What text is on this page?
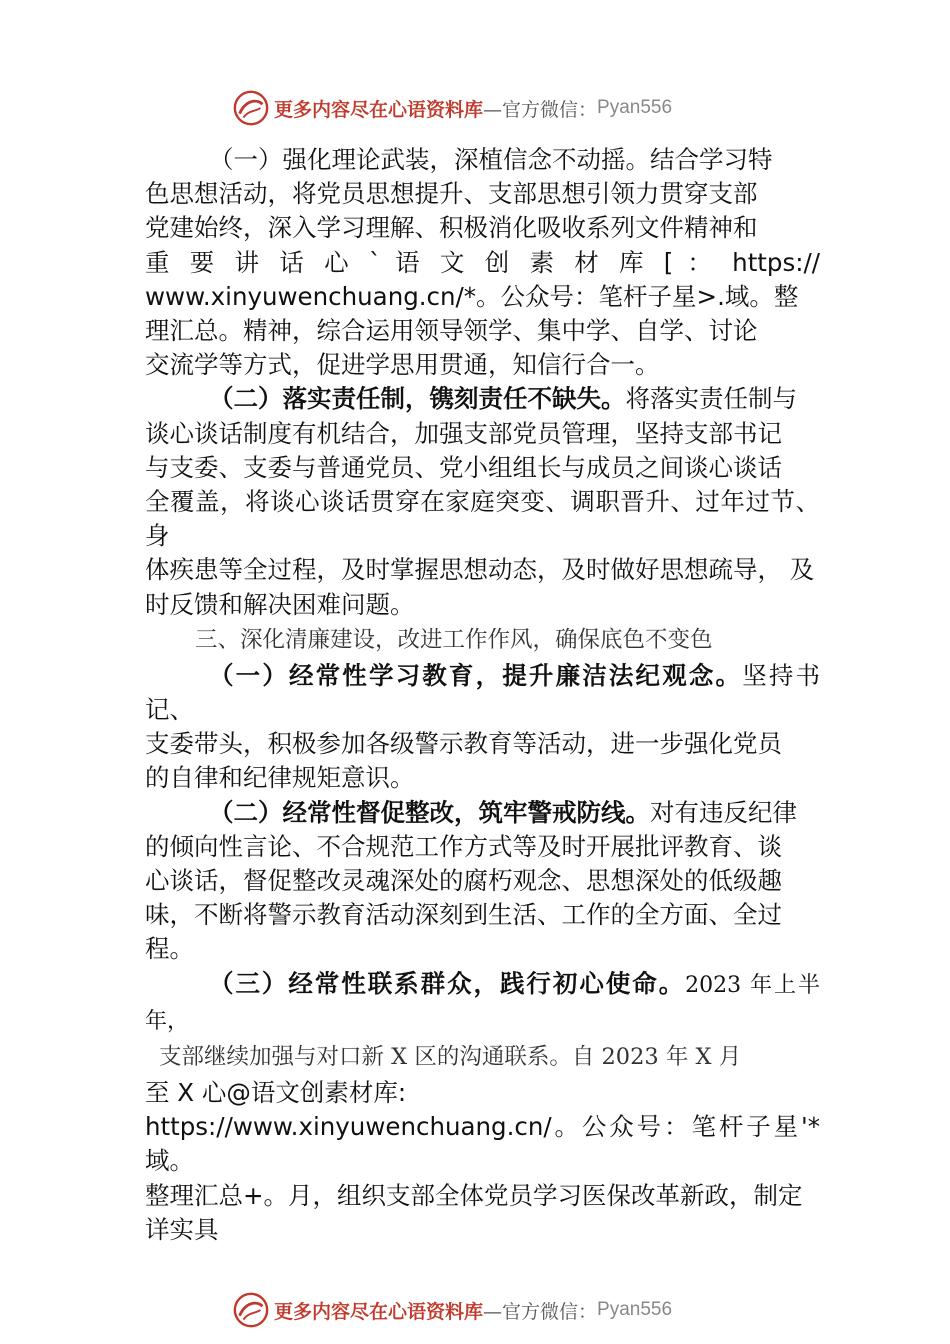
更多内容尽在心语资料库 —官方微信： Pyan556

（一）强化理论武装，深植信念不动摇。结合学习特

色思想活动，将党员思想提升、支部思想引领力贯穿支部

党建始终，深入学习理解、积极消化吸收系列文件精神和

重 要 讲 话 心 ` 语 文 创 素 材 库 [ ： https://

www.xinyuwenchuang.cn/*。公众号：笔杆子星>.域。整

理汇总。精神，综合运用领导领学、集中学、自学、讨论

交流学等方式，促进学思用贯通，知信行合一。

（二）落实责任制，镌刻责任不缺失。将落实责任制与

谈心谈话制度有机结合，加强支部党员管理，坚持支部书记

与支委、支委与普通党员、党小组组长与成员之间谈心谈话

全覆盖，将谈心谈话贯穿在家庭突变、调职晋升、过年过节、身

体疾患等全过程，及时掌握思想动态，及时做好思想疏导， 及

时反馈和解决困难问题。

三、深化清廉建设，改进工作作风，确保底色不变色

（一）经常性学习教育，提升廉洁法纪观念。坚持书记、

支委带头，积极参加各级警示教育等活动，进一步强化党员

的自律和纪律规矩意识。

（二）经常性督促整改，筑牢警戒防线。对有违反纪律

的倾向性言论、不合规范工作方式等及时开展批评教育、谈

心谈话，督促整改灵魂深处的腐朽观念、思想深处的低级趣

味，不断将警示教育活动深刻到生活、工作的全方面、全过

程。

（三）经常性联系群众，践行初心使命。2023 年上半年，

支部继续加强与对口新 X 区的沟通联系。自 2023 年 X 月

至 X 心@语文创素材库:

https://www.xinyuwenchuang.cn/。公众号：笔杆子星'*域。

整理汇总+。月，组织支部全体党员学习医保改革新政，制定

详实具

更多内容尽在心语资料库 —官方微信： Pyan556
